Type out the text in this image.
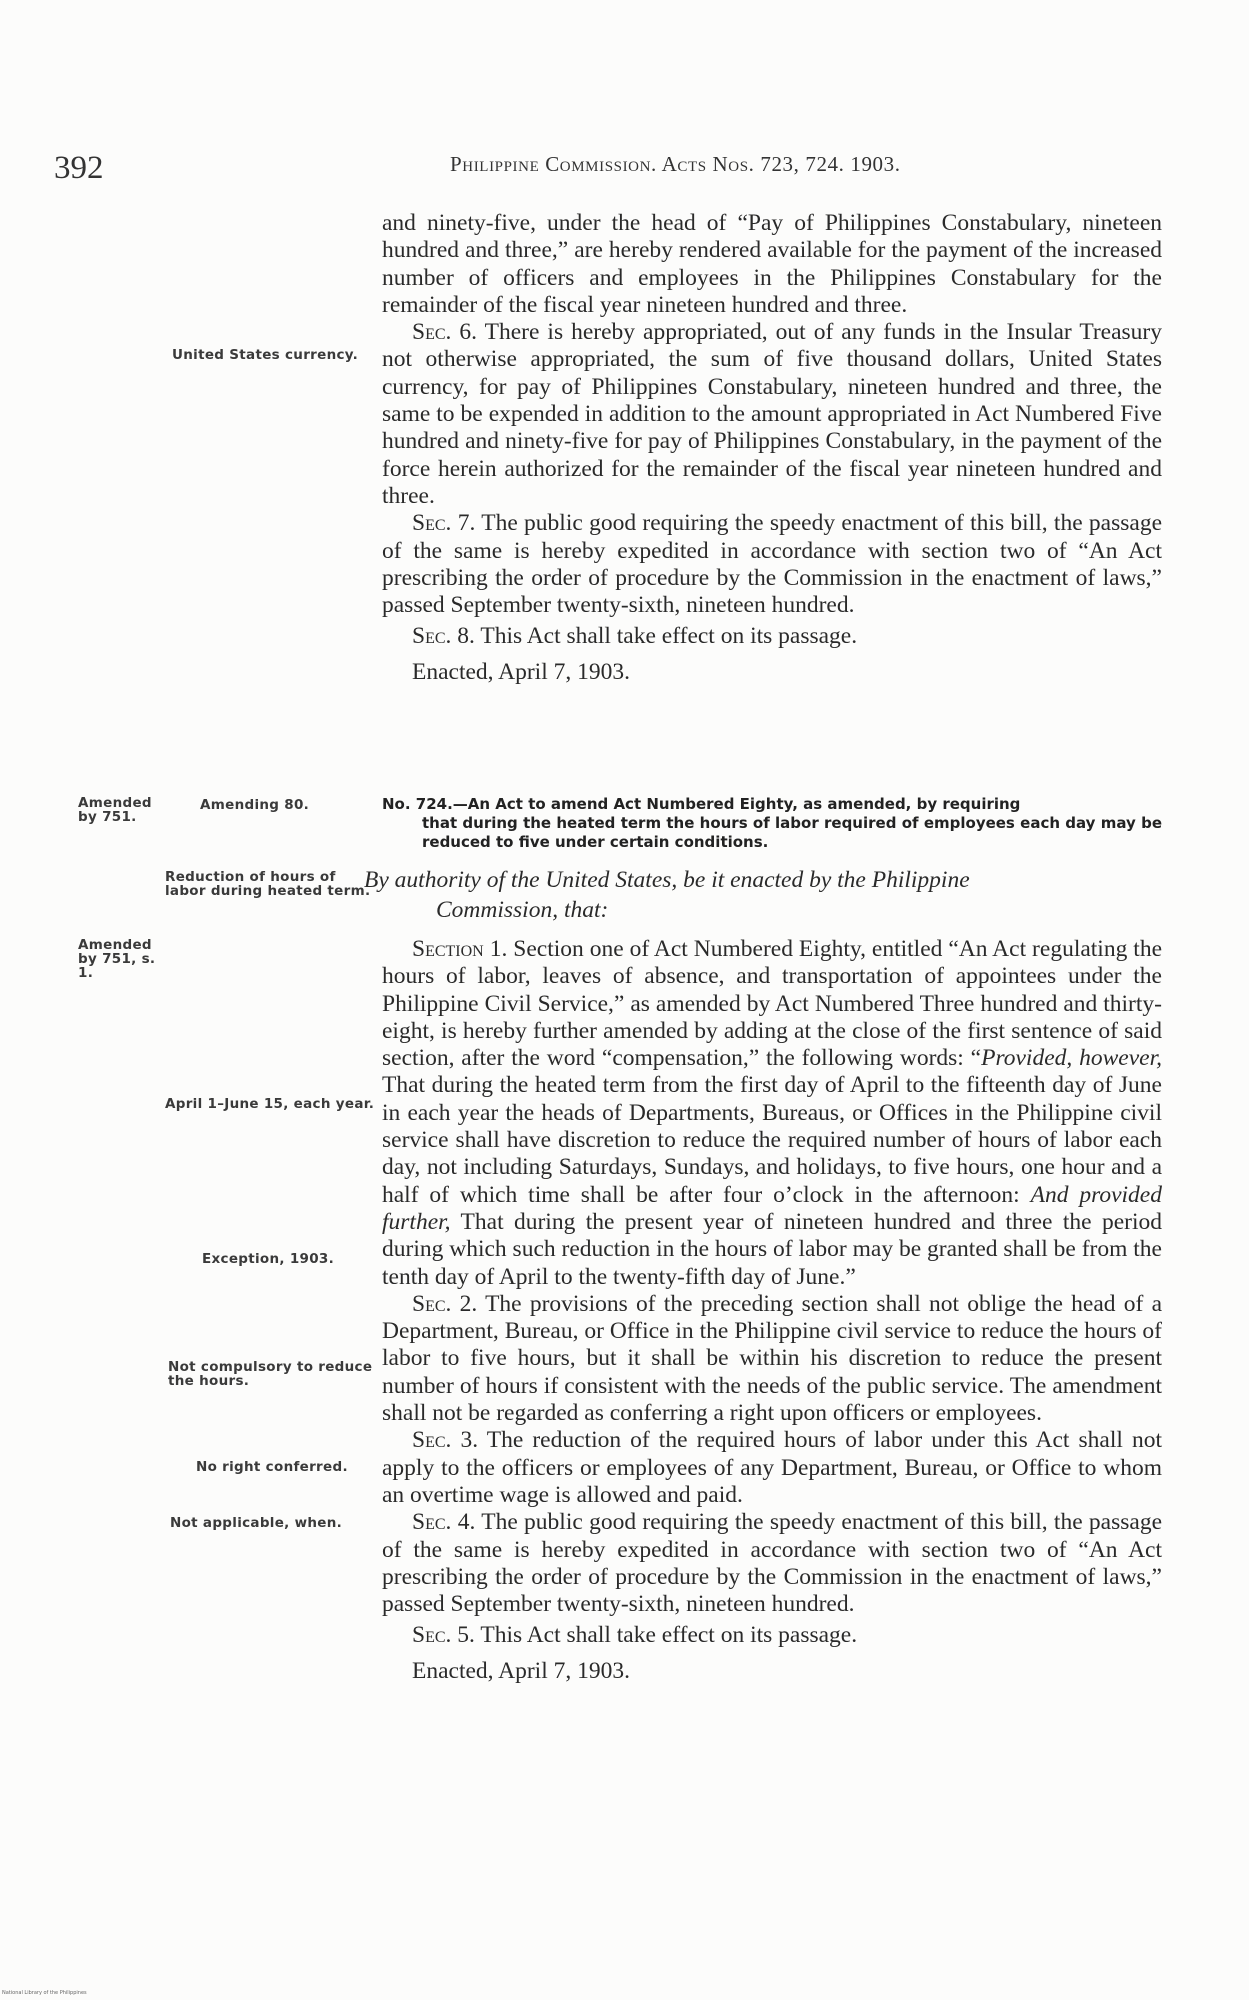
392	Philippine Commission. Acts Nos. 723, 724. 1903.

and ninety-five, under the head of “Pay of Philippines Constabulary, nineteen hundred and three,” are hereby rendered available for the payment of the increased number of officers and employees in the Philippines Constabulary for the remainder of the fiscal year nineteen hundred and three.

Sec. 6. There is hereby appropriated, out of any funds in the Insular Treasury not otherwise appropriated, the sum of five thousand dollars, United States currency, for pay of Philippines Constabulary, nineteen hundred and three, the same to be expended in addition to the amount appropriated in Act Numbered Five hundred and ninety-five for pay of Philippines Constabulary, in the payment of the force herein authorized for the remainder of the fiscal year nineteen hundred and three.

Sec. 7. The public good requiring the speedy enactment of this bill, the passage of the same is hereby expedited in accordance with section two of “An Act prescribing the order of procedure by the Commission in the enactment of laws,” passed September twenty-sixth, nineteen hundred.

Sec. 8. This Act shall take effect on its passage.

Enacted, April 7, 1903.

No. 724.—An Act to amend Act Numbered Eighty, as amended, by requiring
that during the heated term the hours of labor required of employees each day may be reduced to five under certain conditions.
By authority of the United States, be it enacted by the Philippine
Commission, that:

Section 1. Section one of Act Numbered Eighty, entitled “An Act regulating the hours of labor, leaves of absence, and transportation of appointees under the Philippine Civil Service,” as amended by Act Numbered Three hundred and thirty-eight, is hereby further amended by adding at the close of the first sentence of said section, after the word “compensation,” the following words: “Provided, however, That during the heated term from the first day of April to the fifteenth day of June in each year the heads of Departments, Bureaus, or Offices in the Philippine civil service shall have discretion to reduce the required number of hours of labor each day, not including Saturdays, Sundays, and holidays, to five hours, one hour and a half of which time shall be after four o’clock in the afternoon: And provided further, That during the present year of nineteen hundred and three the period during which such reduction in the hours of labor may be granted shall be from the tenth day of April to the twenty-fifth day of June.”

Sec. 2. The provisions of the preceding section shall not oblige the head of a Department, Bureau, or Office in the Philippine civil service to reduce the hours of labor to five hours, but it shall be within his discretion to reduce the present number of hours if consistent with the needs of the public service. The amendment shall not be regarded as conferring a right upon officers or employees.

Sec. 3. The reduction of the required hours of labor under this Act shall not apply to the officers or employees of any Department, Bureau, or Office to whom an overtime wage is allowed and paid.

Sec. 4. The public good requiring the speedy enactment of this bill, the passage of the same is hereby expedited in accordance with section two of “An Act prescribing the order of procedure by the Commission in the enactment of laws,” passed September twenty-sixth, nineteen hundred.

Sec. 5. This Act shall take effect on its passage.

Enacted, April 7, 1903.

United States currency.
Amended by 751.
Amending 80.
Reduction of hours of labor during heated term.
Amended by 751, s. 1.
April 1–June 15, each year.
Exception, 1903.
Not compulsory to reduce the hours.
No right conferred.
Not applicable, when.
National Library of the Philippines
